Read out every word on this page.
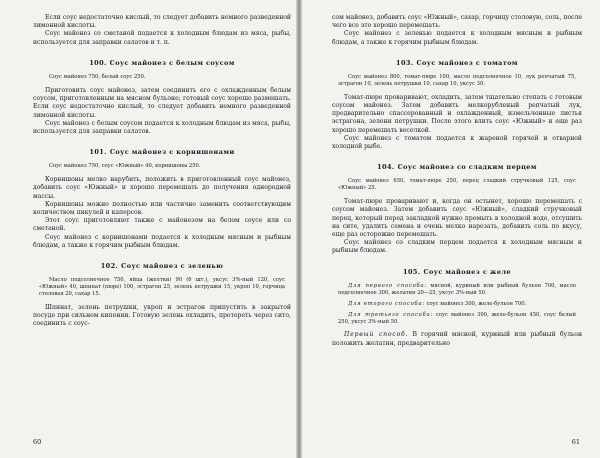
Если соус недостаточно кислый, то следует добавить немного разведенной лимонной кислоты.

Соус майонез со сметаной подается к холодным блюдам из мяса, рыбы, используется для заправки салатов и т. п.

100. Соус майонез с белым соусом
Соус майонез 750, белый соус 250.

Приготовить соус майонез, затем соединить его с охлажденным белым соусом, приготовленным на мясном бульоне; готовый соус хорошо размешать. Если соус недостаточно кислый, то следует добавить немного разведенной лимонной кислоты.

Соус майонез с белым соусом подается к холодным блюдам из мяса, рыбы, используется для заправки салатов.

101. Соус майонез с корнишонами
Соус майонез 750, соус «Южный» 40, корнишоны 250.

Корнишоны мелко нарубить, положить в приготовленный соус майонез, добавить соус «Южный» и хорошо перемешать до получения однородной массы.

Корнишоны можно полностью или частично заменить соответствующим количеством пикулей и каперсов.

Этот соус приготовляют также с майонезом на белом соусе или со сметаной.

Соус майонез с корнишонами подается к холодным мясным и рыбным блюдам, а также к горячим рыбным блюдам.

102. Соус майонез с зеленью
Масло подсолнечное 750, яйца (желтки) 90 (6 шт.), уксус 3%-ный 120, соус «Южный» 40, шпинат (пюре) 100, эстрагон 25, зелень петрушки 15, укроп 10, горчица столовая 20, сахар 15.

Шпинат, зелень петрушки, укроп и эстрагон припустить в закрытой посуде при сильном кипении. Готовую зелень охладить, протереть через сито, соединить с соус-

60

сом майонез, добавить соус «Южный», сахар, горчицу столовую, соль, после чего все это хорошо перемешать.

Соус майонез с зеленью подается к холодным мясным и рыбным блюдам, а также к горячим рыбным блюдам.

103. Соус майонез с томатом
Соус майонез 800, томат-пюре 100, масло подсолнечное 10, лук репчатый 75, эстрагон 10, зелень петрушки 10, сахар 10, уксус 30.

Томат-пюре проваривают, охладить, затем тщательно степать с готовым соусом майонез. Затем добавить мелкорубленый репчатый лук, предварительно спассерованный и охлажденный, измельченные листья эстрагона, зелени петрушки. После этого влить соус «Южный» и еще раз хорошо перемешать веселкой.

Соус майонез с томатом подается к жареной горячей и отварной холодной рыбе.

104. Соус майонез со сладким перцем
Соус майонез 650, томат-пюре 250, перец сладкий стручковый 125, соус «Южный» 25.

Томат-пюре проваривают и, когда он остынет, хорошо перемешать с соусом майонез. Затем добавить соус «Южный», сладкий стручковый перец, который перед закладкой нужно промыть в холодной воде, отсушить на сите, удалить семена и очень мелко нарезать, добавить соль по вкусу, еще раз осторожно перемешать.

Соус майонез со сладким перцем подается к холодным мясным и рыбным блюдам.

105. Соус майонез с желе
Для первого способа: мясной, куриный или рыбный бульон 700, масло подсолнечное 300, желатин 20—25, уксус 3%-ный 50.
Для второго способа: соус майонез 300, желе-бульон 700.
Для третьего способа: соус майонез 300, желе-бульон 450, соус белый 250, уксус 3%-ный 50.

Первый способ. В горячий мясной, куриный или рыбный бульон положить желатин, предварительно

61
